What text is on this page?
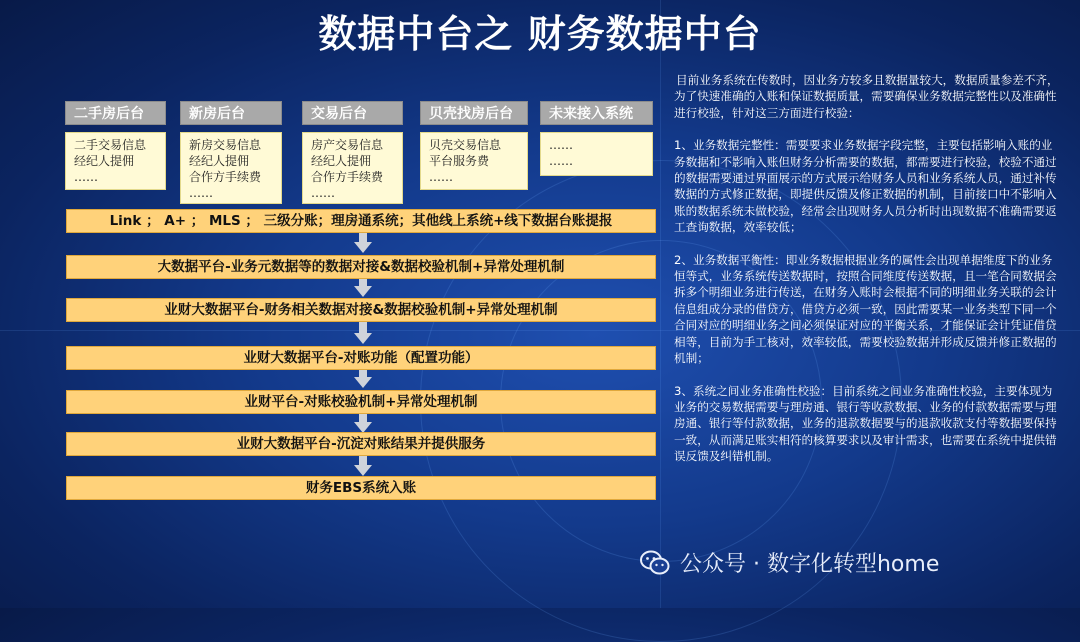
数据中台之 财务数据中台
二手房后台	新房后台	交易后台	贝壳找房后台	未来接入系统
二手交易信息
经纪人提佣
……
新房交易信息
经纪人提佣
合作方手续费
……
房产交易信息
经纪人提佣
合作方手续费
……
贝壳交易信息
平台服务费
……
……
……
Link ； A+ ； MLS ； 三级分账；理房通系统；其他线上系统+线下数据台账提报
大数据平台-业务元数据等的数据对接&数据校验机制+异常处理机制
业财大数据平台-财务相关数据对接&数据校验机制+异常处理机制
业财大数据平台-对账功能（配置功能）
业财平台-对账校验机制+异常处理机制
业财大数据平台-沉淀对账结果并提供服务
财务EBS系统入账

目前业务系统在传数时，因业务方较多且数据量较大，数据质量参差不齐，为了快速准确的入账和保证数据质量，需要确保业务数据完整性以及准确性进行校验，针对这三方面进行校验：

1、业务数据完整性：需要要求业务数据字段完整，主要包括影响入账的业务数据和不影响入账但财务分析需要的数据，都需要进行校验，校验不通过的数据需要通过界面展示的方式展示给财务人员和业务系统人员，通过补传数据的方式修正数据，即提供反馈及修正数据的机制，目前接口中不影响入账的数据系统未做校验，经常会出现财务人员分析时出现数据不准确需要返工查询数据，效率较低；

2、业务数据平衡性：即业务数据根据业务的属性会出现单据维度下的业务恒等式，业务系统传送数据时，按照合同维度传送数据，且一笔合同数据会拆多个明细业务进行传送，在财务入账时会根据不同的明细业务关联的会计信息组成分录的借贷方，借贷方必须一致，因此需要某一业务类型下同一个合同对应的明细业务之间必须保证对应的平衡关系，才能保证会计凭证借贷相等，目前为手工核对，效率较低，需要校验数据并形成反馈并修正数据的机制；

3、系统之间业务准确性校验：目前系统之间业务准确性校验，主要体现为业务的交易数据需要与理房通、银行等收款数据、业务的付款数据需要与理房通、银行等付款数据，业务的退款数据要与的退款收款支付等数据要保持一致，从而满足账实相符的核算要求以及审计需求，也需要在系统中提供错误反馈及纠错机制。

公众号 · 数字化转型home
